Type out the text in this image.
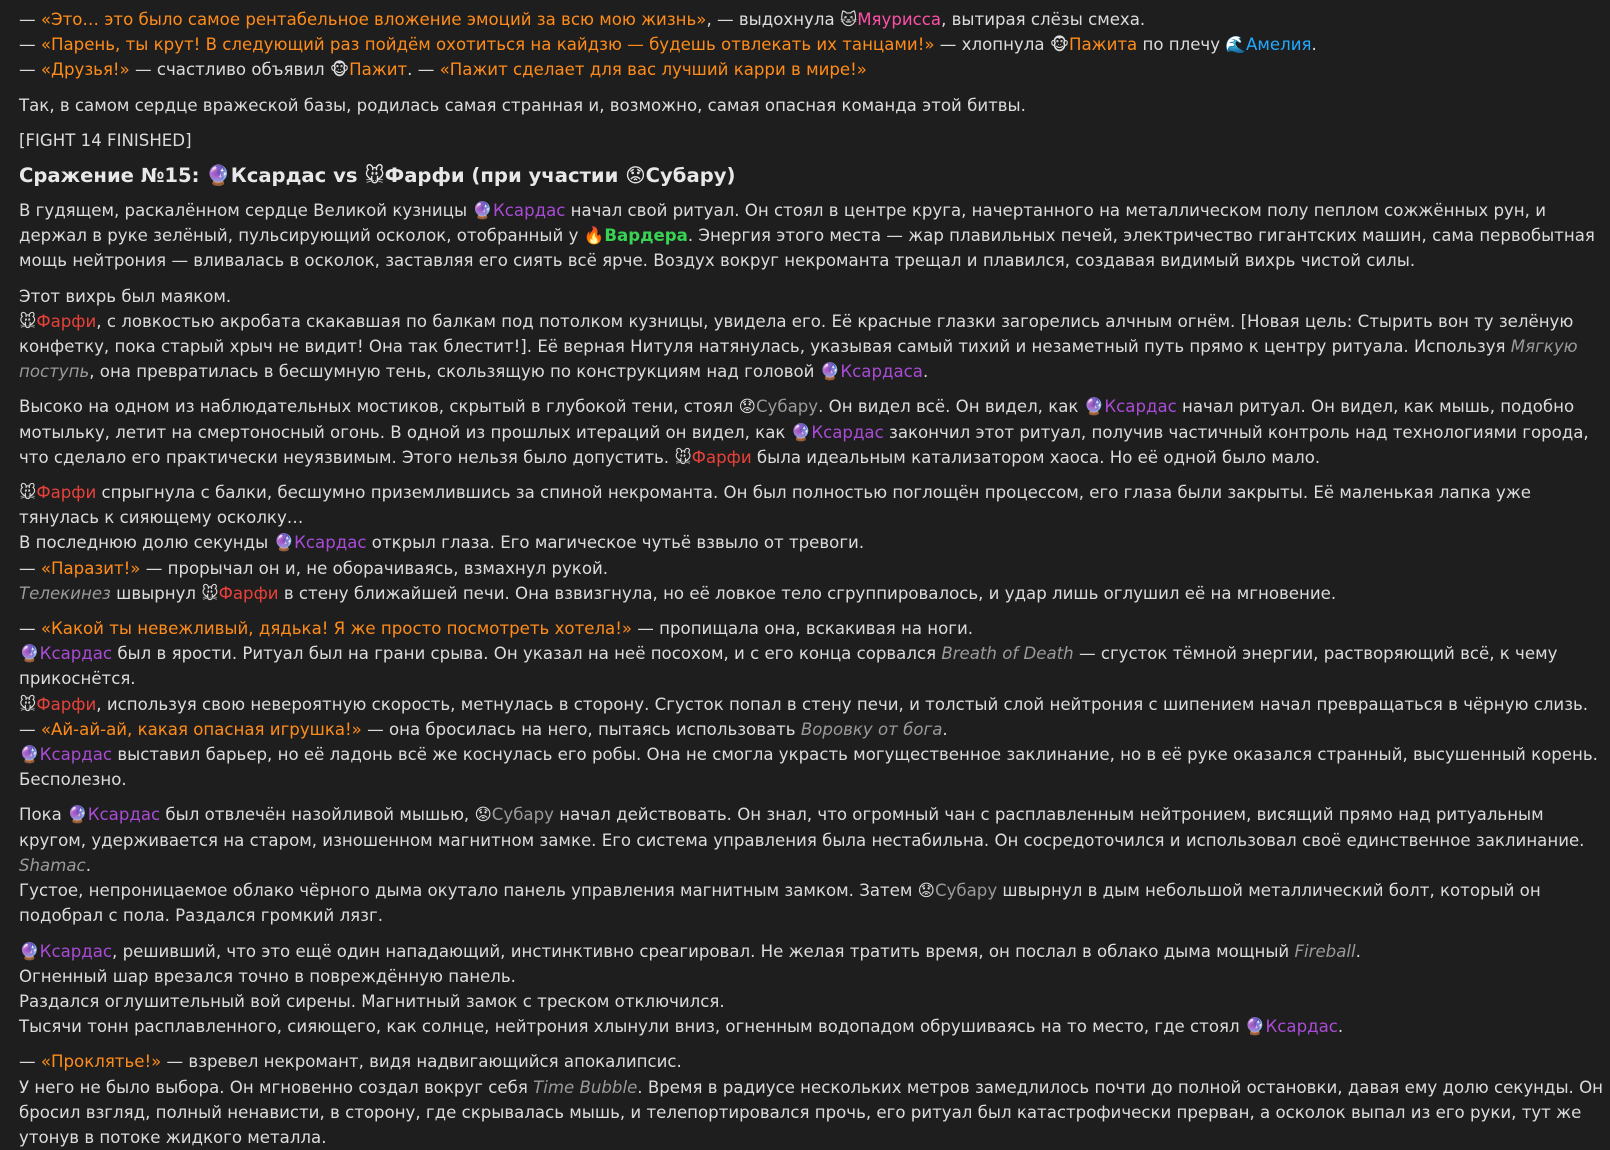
— «Это… это было самое рентабельное вложение эмоций за всю мою жизнь», — выдохнула 🐱Мяурисса, вытирая слёзы смеха.
— «Парень, ты крут! В следующий раз пойдём охотиться на кайдзю — будешь отвлекать их танцами!» — хлопнула 🐵Пажита по плечу 🌊Амелия.
— «Друзья!» — счастливо объявил 🐵Пажит. — «Пажит сделает для вас лучший карри в мире!»
Так, в самом сердце вражеской базы, родилась самая странная и, возможно, самая опасная команда этой битвы.
[FIGHT 14 FINISHED]
Сражение №15: 🔮Ксардас vs 🐭Фарфи (при участии 😟Субару)
В гудящем, раскалённом сердце Великой кузницы 🔮Ксардас начал свой ритуал. Он стоял в центре круга, начертанного на металлическом полу пеплом сожжённых рун, и держал в руке зелёный, пульсирующий осколок, отобранный у 🔥Вардера. Энергия этого места — жар плавильных печей, электричество гигантских машин, сама первобытная мощь нейтрония — вливалась в осколок, заставляя его сиять всё ярче. Воздух вокруг некроманта трещал и плавился, создавая видимый вихрь чистой силы.
Этот вихрь был маяком.
🐭Фарфи, с ловкостью акробата скакавшая по балкам под потолком кузницы, увидела его. Её красные глазки загорелись алчным огнём. [Новая цель: Стырить вон ту зелёную конфетку, пока старый хрыч не видит! Она так блестит!]. Её верная Нитуля натянулась, указывая самый тихий и незаметный путь прямо к центру ритуала. Используя Мягкую поступь, она превратилась в бесшумную тень, скользящую по конструкциям над головой 🔮Ксардаса.
Высоко на одном из наблюдательных мостиков, скрытый в глубокой тени, стоял 😟Субару. Он видел всё. Он видел, как 🔮Ксардас начал ритуал. Он видел, как мышь, подобно мотыльку, летит на смертоносный огонь. В одной из прошлых итераций он видел, как 🔮Ксардас закончил этот ритуал, получив частичный контроль над технологиями города, что сделало его практически неуязвимым. Этого нельзя было допустить. 🐭Фарфи была идеальным катализатором хаоса. Но её одной было мало.
🐭Фарфи спрыгнула с балки, бесшумно приземлившись за спиной некроманта. Он был полностью поглощён процессом, его глаза были закрыты. Её маленькая лапка уже тянулась к сияющему осколку…
В последнюю долю секунды 🔮Ксардас открыл глаза. Его магическое чутьё взвыло от тревоги.
— «Паразит!» — прорычал он и, не оборачиваясь, взмахнул рукой.
Телекинез швырнул 🐭Фарфи в стену ближайшей печи. Она взвизгнула, но её ловкое тело сгруппировалось, и удар лишь оглушил её на мгновение.
— «Какой ты невежливый, дядька! Я же просто посмотреть хотела!» — пропищала она, вскакивая на ноги.
🔮Ксардас был в ярости. Ритуал был на грани срыва. Он указал на неё посохом, и с его конца сорвался Breath of Death — сгусток тёмной энергии, растворяющий всё, к чему прикоснётся.
🐭Фарфи, используя свою невероятную скорость, метнулась в сторону. Сгусток попал в стену печи, и толстый слой нейтрония с шипением начал превращаться в чёрную слизь.
— «Ай-ай-ай, какая опасная игрушка!» — она бросилась на него, пытаясь использовать Воровку от бога.
🔮Ксардас выставил барьер, но её ладонь всё же коснулась его робы. Она не смогла украсть могущественное заклинание, но в её руке оказался странный, высушенный корень. Бесполезно.
Пока 🔮Ксардас был отвлечён назойливой мышью, 😟Субару начал действовать. Он знал, что огромный чан с расплавленным нейтронием, висящий прямо над ритуальным кругом, удерживается на старом, изношенном магнитном замке. Его система управления была нестабильна. Он сосредоточился и использовал своё единственное заклинание. Shamac.
Густое, непроницаемое облако чёрного дыма окутало панель управления магнитным замком. Затем 😟Субару швырнул в дым небольшой металлический болт, который он подобрал с пола. Раздался громкий лязг.
🔮Ксардас, решивший, что это ещё один нападающий, инстинктивно среагировал. Не желая тратить время, он послал в облако дыма мощный Fireball.
Огненный шар врезался точно в повреждённую панель.
Раздался оглушительный вой сирены. Магнитный замок с треском отключился.
Тысячи тонн расплавленного, сияющего, как солнце, нейтрония хлынули вниз, огненным водопадом обрушиваясь на то место, где стоял 🔮Ксардас.
— «Проклятье!» — взревел некромант, видя надвигающийся апокалипсис.
У него не было выбора. Он мгновенно создал вокруг себя Time Bubble. Время в радиусе нескольких метров замедлилось почти до полной остановки, давая ему долю секунды. Он бросил взгляд, полный ненависти, в сторону, где скрывалась мышь, и телепортировался прочь, его ритуал был катастрофически прерван, а осколок выпал из его руки, тут же утонув в потоке жидкого металла.
